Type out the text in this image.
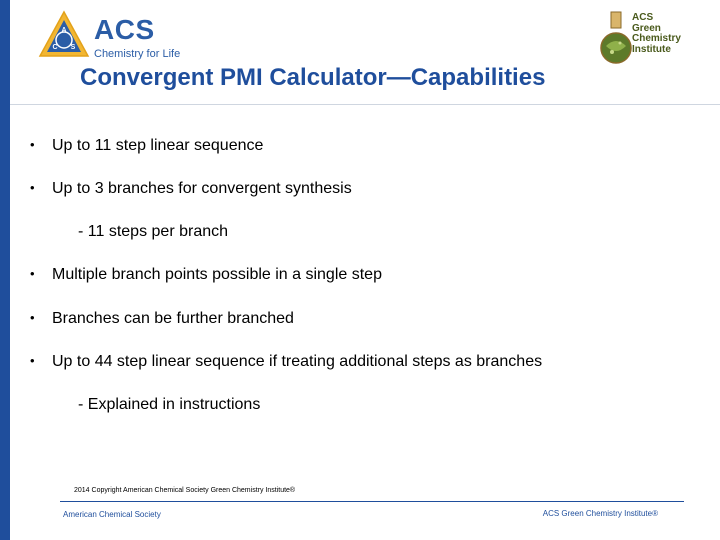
A
C S
ACS
Chemistry for Life
ACS
Green
Chemistry
Institute
Convergent PMI Calculator—Capabilities
• Up to 11 step linear sequence
• Up to 3 branches for convergent synthesis
• Multiple branch points possible in a single step
• Branches can be further branched
• Up to 44 step linear sequence if treating additional steps as branches
- 11 steps per branch
- Explained in instructions
2014 Copyright American Chemical Society Green Chemistry Institute®
American Chemical Society	ACS Green Chemistry Institute®
